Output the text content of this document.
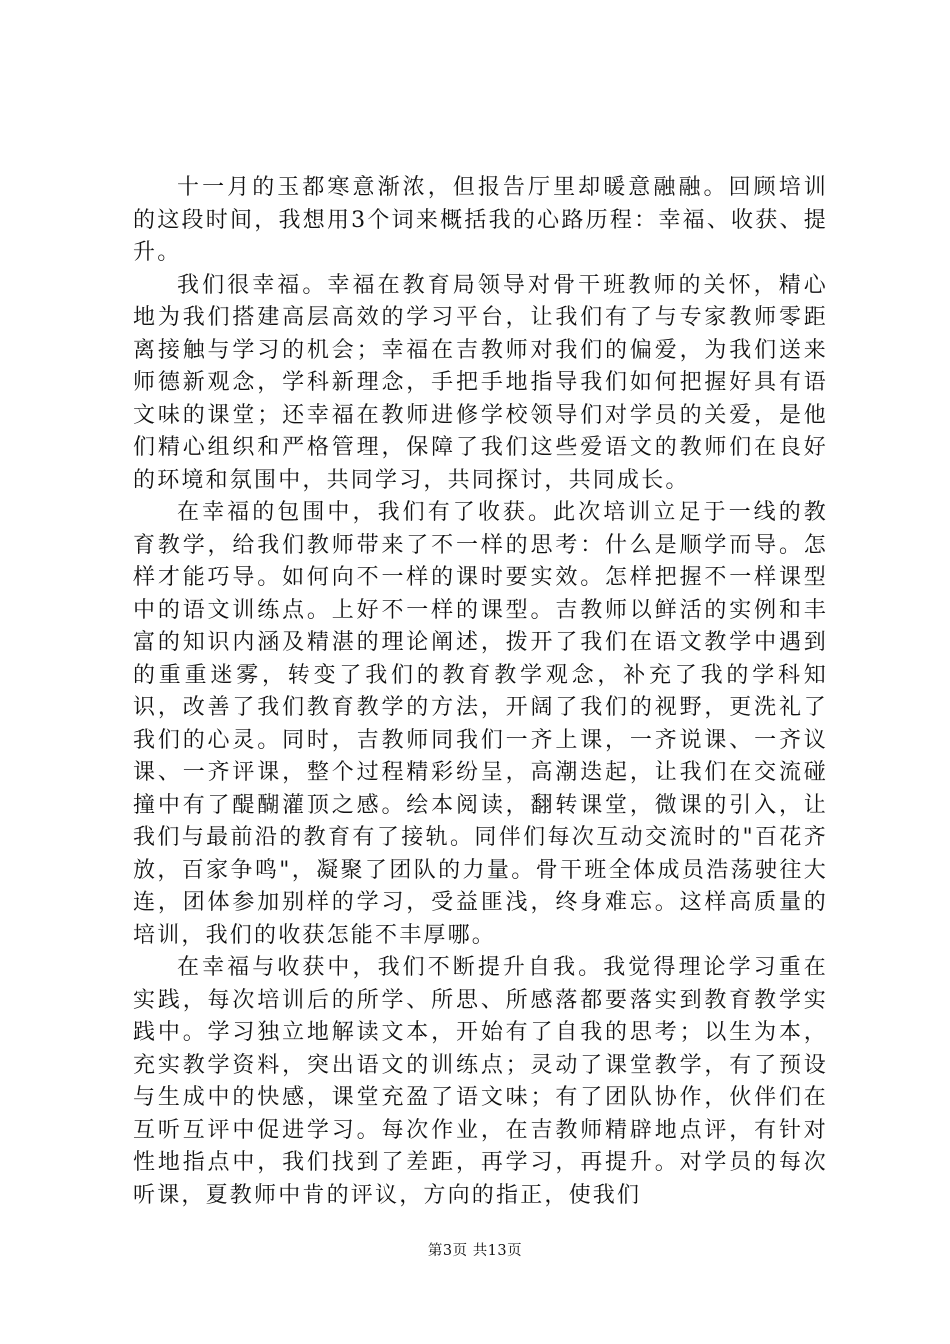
十一月的玉都寒意渐浓，但报告厅里却暖意融融。回顾培训的这段时间，我想用3个词来概括我的心路历程：幸福、收获、提升。

我们很幸福。幸福在教育局领导对骨干班教师的关怀，精心地为我们搭建高层高效的学习平台，让我们有了与专家教师零距离接触与学习的机会；幸福在吉教师对我们的偏爱，为我们送来师德新观念，学科新理念，手把手地指导我们如何把握好具有语文味的课堂；还幸福在教师进修学校领导们对学员的关爱，是他们精心组织和严格管理，保障了我们这些爱语文的教师们在良好的环境和氛围中，共同学习，共同探讨，共同成长。

在幸福的包围中，我们有了收获。此次培训立足于一线的教育教学，给我们教师带来了不一样的思考：什么是顺学而导。怎样才能巧导。如何向不一样的课时要实效。怎样把握不一样课型中的语文训练点。上好不一样的课型。吉教师以鲜活的实例和丰富的知识内涵及精湛的理论阐述，拨开了我们在语文教学中遇到的重重迷雾，转变了我们的教育教学观念，补充了我的学科知识，改善了我们教育教学的方法，开阔了我们的视野，更洗礼了我们的心灵。同时，吉教师同我们一齐上课，一齐说课、一齐议课、一齐评课，整个过程精彩纷呈，高潮迭起，让我们在交流碰撞中有了醍醐灌顶之感。绘本阅读，翻转课堂，微课的引入，让我们与最前沿的教育有了接轨。同伴们每次互动交流时的"百花齐放，百家争鸣"，凝聚了团队的力量。骨干班全体成员浩荡驶往大连，团体参加别样的学习，受益匪浅，终身难忘。这样高质量的培训，我们的收获怎能不丰厚哪。

在幸福与收获中，我们不断提升自我。我觉得理论学习重在实践，每次培训后的所学、所思、所感落都要落实到教育教学实践中。学习独立地解读文本，开始有了自我的思考；以生为本，充实教学资料，突出语文的训练点；灵动了课堂教学，有了预设与生成中的快感，课堂充盈了语文味；有了团队协作，伙伴们在互听互评中促进学习。每次作业，在吉教师精辟地点评，有针对性地指点中，我们找到了差距，再学习，再提升。对学员的每次听课，夏教师中肯的评议，方向的指正，使我们

第3页 共13页
